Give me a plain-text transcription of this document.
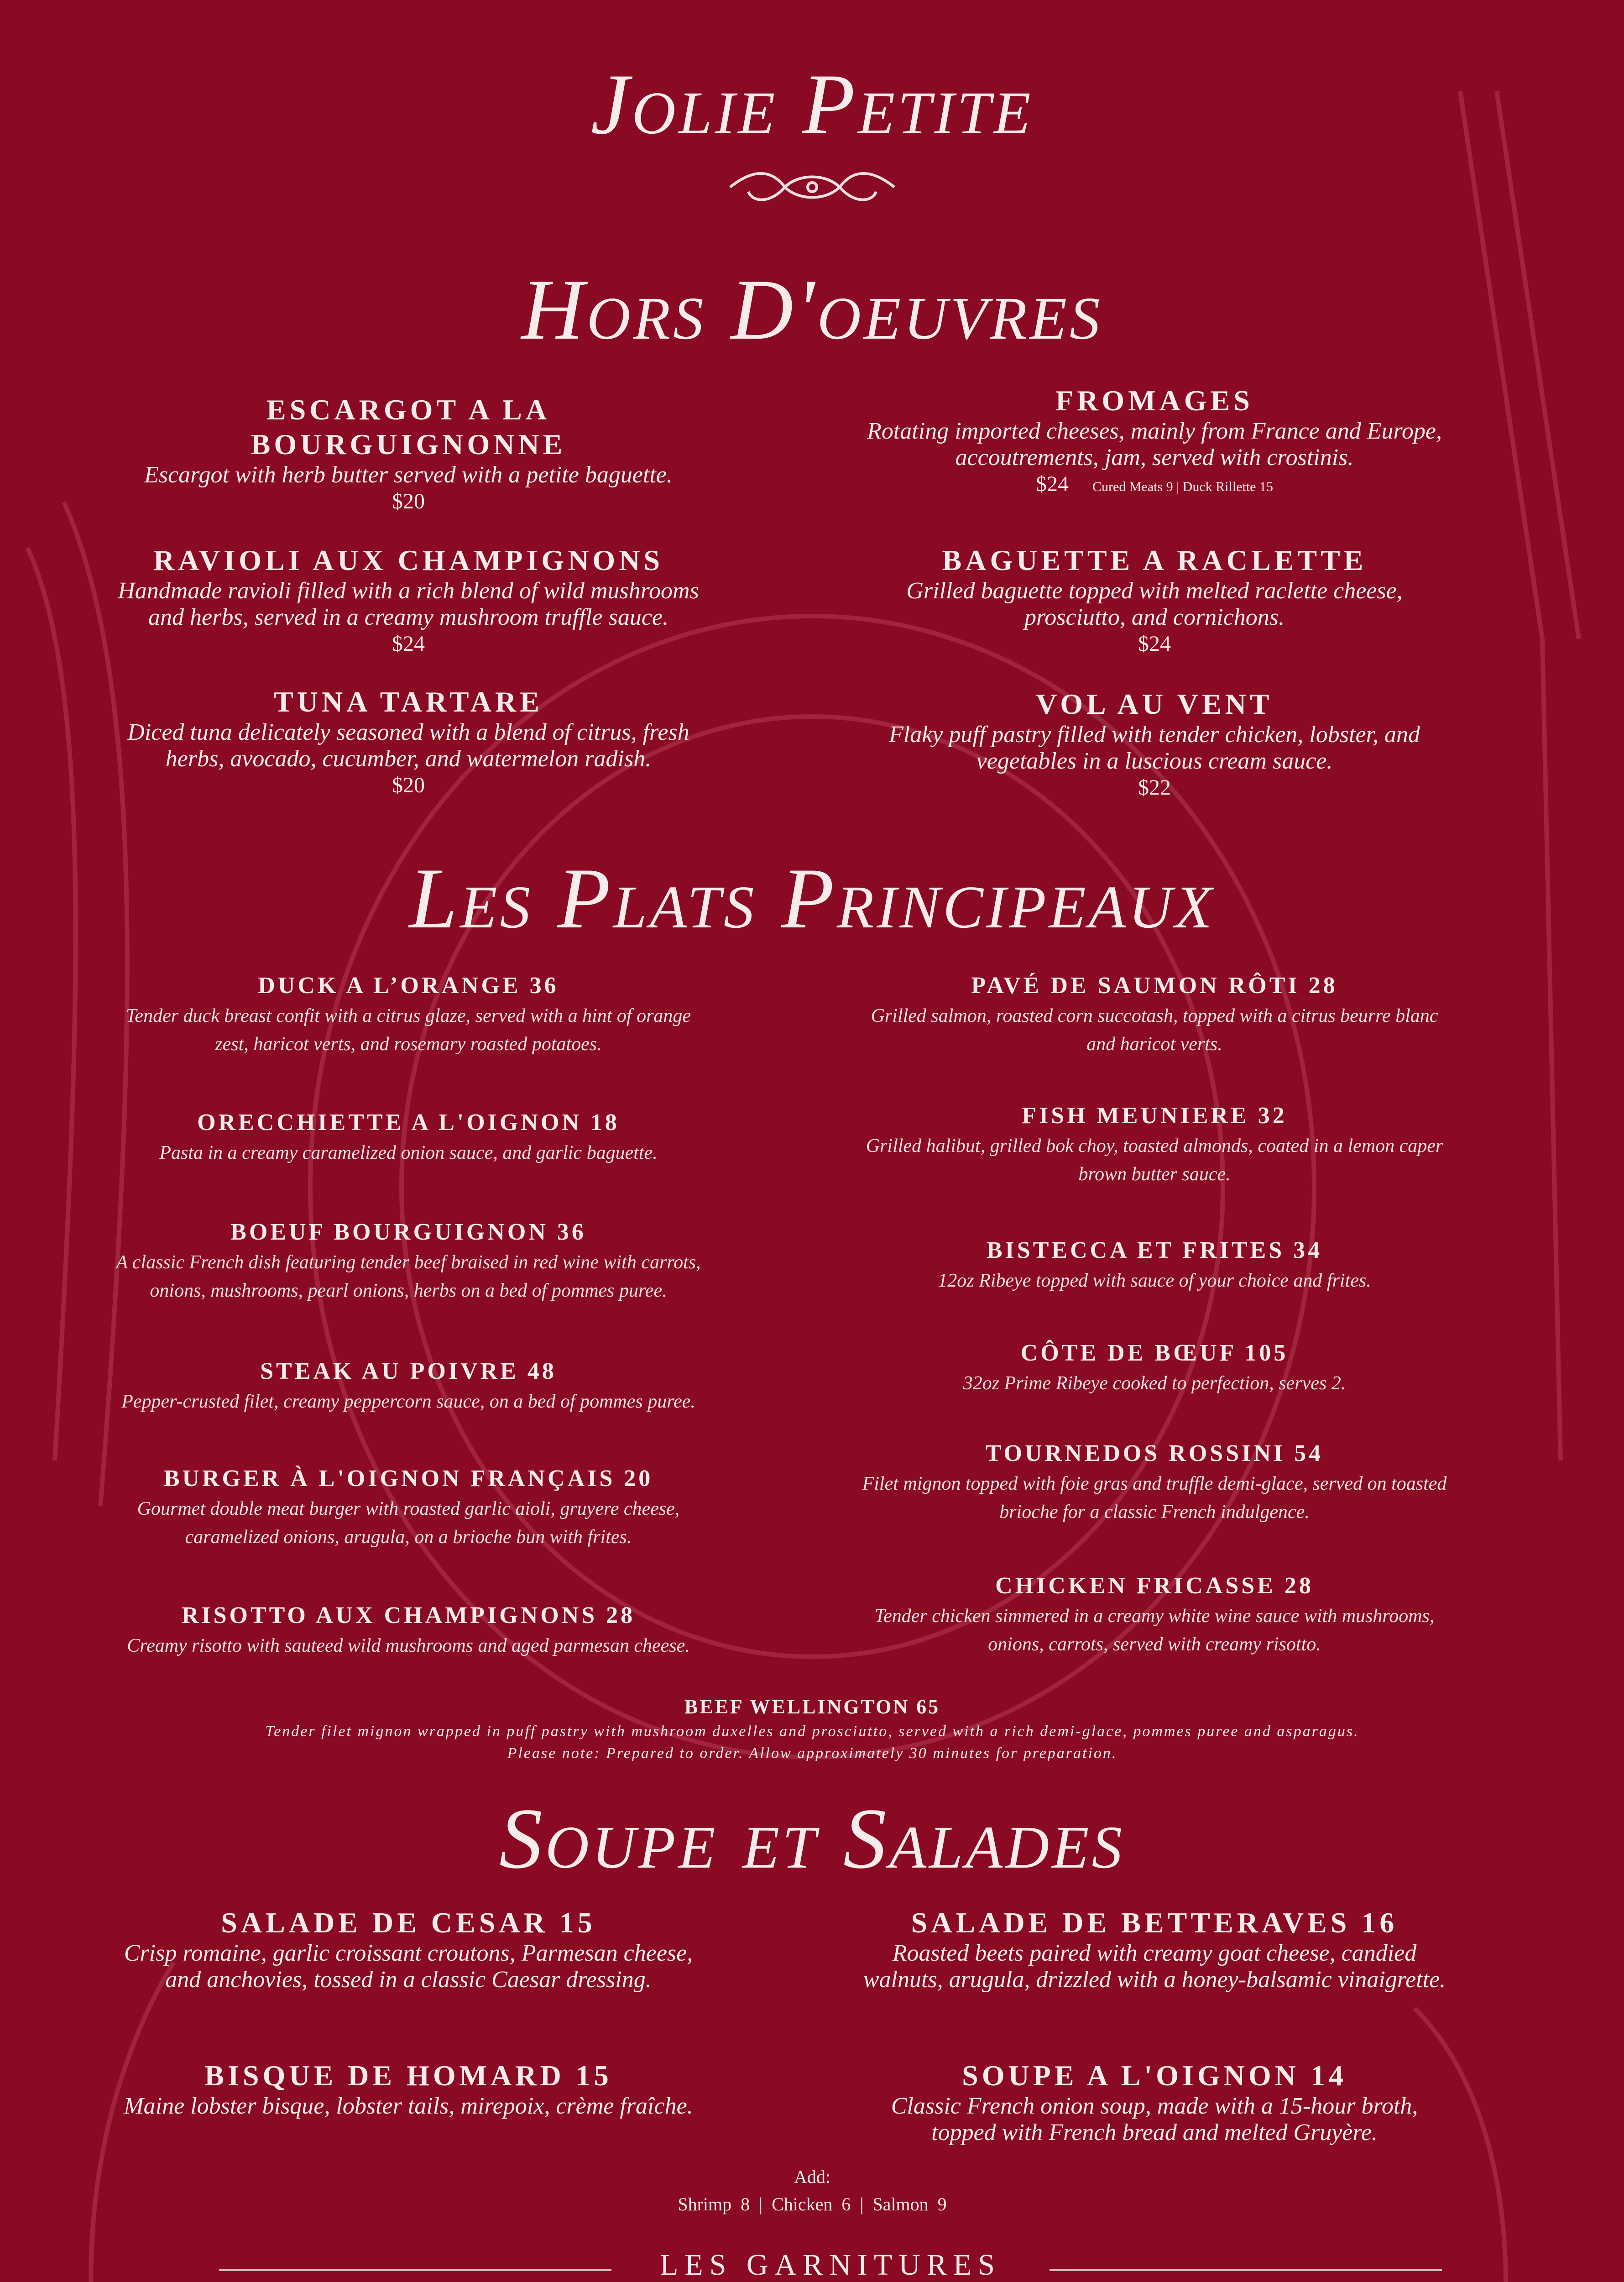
Jolie Petite
Hors D'oeuvres
ESCARGOT A LA BOURGUIGNONNE
Escargot with herb butter served with a petite baguette.
$20
FROMAGES
Rotating imported cheeses, mainly from France and Europe, accoutrements, jam, served with crostinis.
$24 Cured Meats 9 | Duck Rillette 15
RAVIOLI AUX CHAMPIGNONS
Handmade ravioli filled with a rich blend of wild mushrooms and herbs, served in a creamy mushroom truffle sauce.
$24
BAGUETTE A RACLETTE
Grilled baguette topped with melted raclette cheese, prosciutto, and cornichons.
$24
TUNA TARTARE
Diced tuna delicately seasoned with a blend of citrus, fresh herbs, avocado, cucumber, and watermelon radish.
$20
VOL AU VENT
Flaky puff pastry filled with tender chicken, lobster, and vegetables in a luscious cream sauce.
$22
Les Plats Principeaux
DUCK A L’ORANGE 36
Tender duck breast confit with a citrus glaze, served with a hint of orange zest, haricot verts, and rosemary roasted potatoes.
PAVÉ DE SAUMON RÔTI 28
Grilled salmon, roasted corn succotash, topped with a citrus beurre blanc and haricot verts.
ORECCHIETTE A L'OIGNON 18
Pasta in a creamy caramelized onion sauce, and garlic baguette.
FISH MEUNIERE 32
Grilled halibut, grilled bok choy, toasted almonds, coated in a lemon caper brown butter sauce.
BOEUF BOURGUIGNON 36
A classic French dish featuring tender beef braised in red wine with carrots, onions, mushrooms, pearl onions, herbs on a bed of pommes puree.
BISTECCA ET FRITES 34
12oz Ribeye topped with sauce of your choice and frites.
STEAK AU POIVRE 48
Pepper-crusted filet, creamy peppercorn sauce, on a bed of pommes puree.
CÔTE DE BŒUF 105
32oz Prime Ribeye cooked to perfection, serves 2.
BURGER À L'OIGNON FRANÇAIS 20
Gourmet double meat burger with roasted garlic aioli, gruyere cheese, caramelized onions, arugula, on a brioche bun with frites.
TOURNEDOS ROSSINI 54
Filet mignon topped with foie gras and truffle demi-glace, served on toasted brioche for a classic French indulgence.
RISOTTO AUX CHAMPIGNONS 28
Creamy risotto with sauteed wild mushrooms and aged parmesan cheese.
CHICKEN FRICASSE 28
Tender chicken simmered in a creamy white wine sauce with mushrooms, onions, carrots, served with creamy risotto.
BEEF WELLINGTON 65
Tender filet mignon wrapped in puff pastry with mushroom duxelles and prosciutto, served with a rich demi-glace, pommes puree and asparagus. Please note: Prepared to order. Allow approximately 30 minutes for preparation.
Soupe et Salades
SALADE DE CESAR 15
Crisp romaine, garlic croissant croutons, Parmesan cheese, and anchovies, tossed in a classic Caesar dressing.
SALADE DE BETTERAVES 16
Roasted beets paired with creamy goat cheese, candied walnuts, arugula, drizzled with a honey-balsamic vinaigrette.
BISQUE DE HOMARD 15
Maine lobster bisque, lobster tails, mirepoix, crème fraîche.
SOUPE A L'OIGNON 14
Classic French onion soup, made with a 15-hour broth, topped with French bread and melted Gruyère.
Add:
Shrimp  8  |  Chicken  6  |  Salmon  9
LES GARNITURES
